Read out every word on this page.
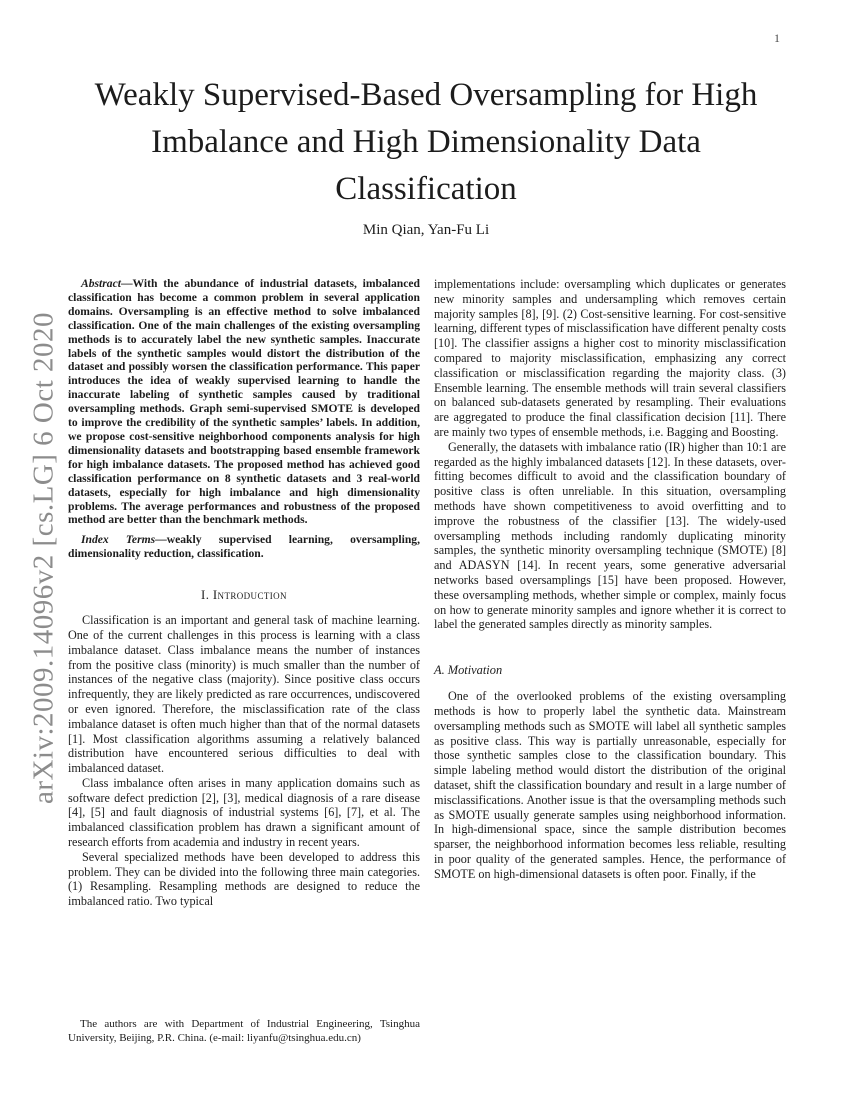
1
arXiv:2009.14096v2 [cs.LG] 6 Oct 2020
Weakly Supervised-Based Oversampling for High Imbalance and High Dimensionality Data Classification
Min Qian, Yan-Fu Li

Abstract—With the abundance of industrial datasets, imbalanced classification has become a common problem in several application domains. Oversampling is an effective method to solve imbalanced classification. One of the main challenges of the existing oversampling methods is to accurately label the new synthetic samples. Inaccurate labels of the synthetic samples would distort the distribution of the dataset and possibly worsen the classification performance. This paper introduces the idea of weakly supervised learning to handle the inaccurate labeling of synthetic samples caused by traditional oversampling methods. Graph semi-supervised SMOTE is developed to improve the credibility of the synthetic samples’ labels. In addition, we propose cost-sensitive neighborhood components analysis for high dimensionality datasets and bootstrapping based ensemble framework for high imbalance datasets. The proposed method has achieved good classification performance on 8 synthetic datasets and 3 real-world datasets, especially for high imbalance and high dimensionality problems. The average performances and robustness of the proposed method are better than the benchmark methods.

Index Terms—weakly supervised learning, oversampling, dimensionality reduction, classification.

I. Introduction

Classification is an important and general task of machine learning. One of the current challenges in this process is learning with a class imbalance dataset. Class imbalance means the number of instances from the positive class (minority) is much smaller than the number of instances of the negative class (majority). Since positive class occurs infrequently, they are likely predicted as rare occurrences, undiscovered or even ignored. Therefore, the misclassification rate of the class imbalance dataset is often much higher than that of the normal datasets [1]. Most classification algorithms assuming a relatively balanced distribution have encountered serious difficulties to deal with imbalanced dataset.

Class imbalance often arises in many application domains such as software defect prediction [2], [3], medical diagnosis of a rare disease [4], [5] and fault diagnosis of industrial systems [6], [7], et al. The imbalanced classification problem has drawn a significant amount of research efforts from academia and industry in recent years.

Several specialized methods have been developed to address this problem. They can be divided into the following three main categories. (1) Resampling. Resampling methods are designed to reduce the imbalanced ratio. Two typical

The authors are with Department of Industrial Engineering, Tsinghua University, Beijing, P.R. China. (e-mail: liyanfu@tsinghua.edu.cn)

implementations include: oversampling which duplicates or generates new minority samples and undersampling which removes certain majority samples [8], [9]. (2) Cost-sensitive learning. For cost-sensitive learning, different types of misclassification have different penalty costs [10]. The classifier assigns a higher cost to minority misclassification compared to majority misclassification, emphasizing any correct classification or misclassification regarding the majority class. (3) Ensemble learning. The ensemble methods will train several classifiers on balanced sub-datasets generated by resampling. Their evaluations are aggregated to produce the final classification decision [11]. There are mainly two types of ensemble methods, i.e. Bagging and Boosting.

Generally, the datasets with imbalance ratio (IR) higher than 10:1 are regarded as the highly imbalanced datasets [12]. In these datasets, over-fitting becomes difficult to avoid and the classification boundary of positive class is often unreliable. In this situation, oversampling methods have shown competitiveness to avoid overfitting and to improve the robustness of the classifier [13]. The widely-used oversampling methods including randomly duplicating minority samples, the synthetic minority oversampling technique (SMOTE) [8] and ADASYN [14]. In recent years, some generative adversarial networks based oversamplings [15] have been proposed. However, these oversampling methods, whether simple or complex, mainly focus on how to generate minority samples and ignore whether it is correct to label the generated samples directly as minority samples.

A. Motivation

One of the overlooked problems of the existing oversampling methods is how to properly label the synthetic data. Mainstream oversampling methods such as SMOTE will label all synthetic samples as positive class. This way is partially unreasonable, especially for those synthetic samples close to the classification boundary. This simple labeling method would distort the distribution of the original dataset, shift the classification boundary and result in a large number of misclassifications. Another issue is that the oversampling methods such as SMOTE usually generate samples using neighborhood information. In high-dimensional space, since the sample distribution becomes sparser, the neighborhood information becomes less reliable, resulting in poor quality of the generated samples. Hence, the performance of SMOTE on high-dimensional datasets is often poor. Finally, if the
